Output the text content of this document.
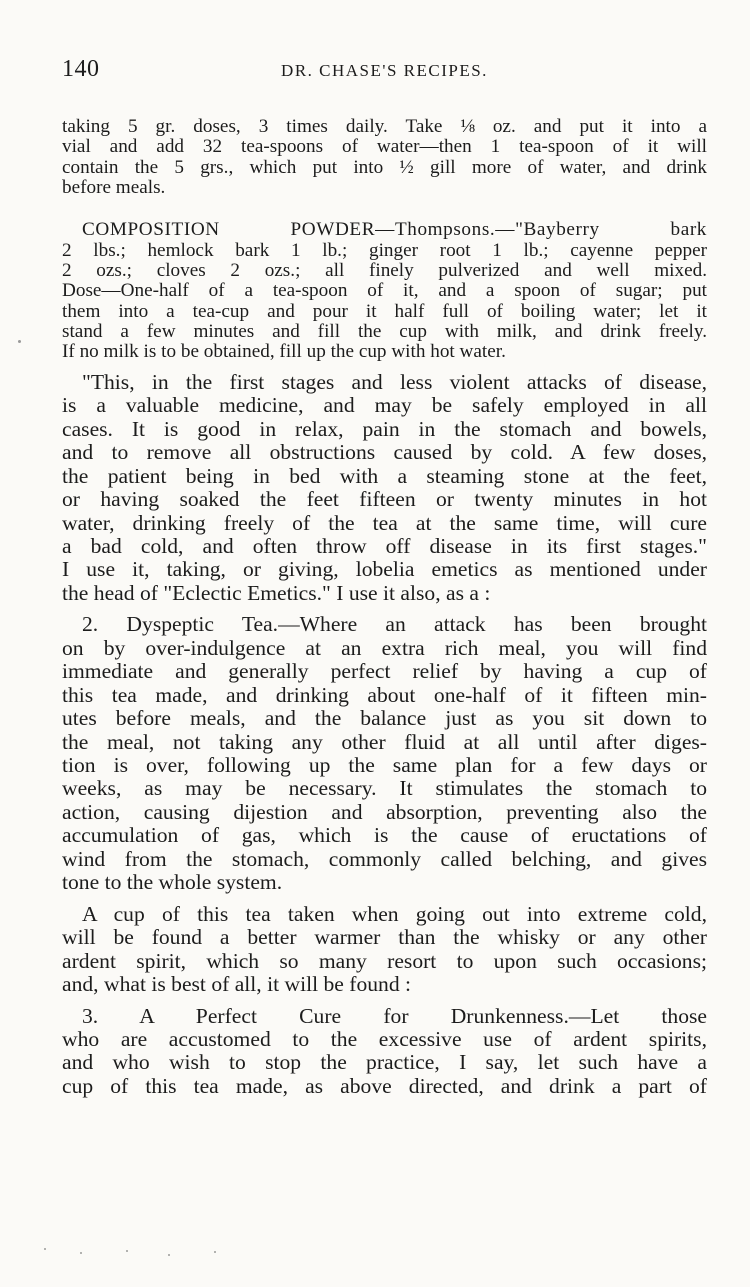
140	DR. CHASE'S RECIPES.
taking 5 gr. doses, 3 times daily. Take ⅛ oz. and put it into a
vial and add 32 tea-spoons of water—then 1 tea-spoon of it will
contain the 5 grs., which put into ½ gill more of water, and drink
before meals.
COMPOSITION POWDER—Thompsons.—"Bayberry bark
2 lbs.; hemlock bark 1 lb.; ginger root 1 lb.; cayenne pepper
2 ozs.; cloves 2 ozs.; all finely pulverized and well mixed.
Dose—One-half of a tea-spoon of it, and a spoon of sugar; put
them into a tea-cup and pour it half full of boiling water; let it
stand a few minutes and fill the cup with milk, and drink freely.
If no milk is to be obtained, fill up the cup with hot water.
"This, in the first stages and less violent attacks of disease,
is a valuable medicine, and may be safely employed in all
cases. It is good in relax, pain in the stomach and bowels,
and to remove all obstructions caused by cold. A few doses,
the patient being in bed with a steaming stone at the feet,
or having soaked the feet fifteen or twenty minutes in hot
water, drinking freely of the tea at the same time, will cure
a bad cold, and often throw off disease in its first stages."
I use it, taking, or giving, lobelia emetics as mentioned under
the head of "Eclectic Emetics." I use it also, as a :
2. Dyspeptic Tea.—Where an attack has been brought
on by over-indulgence at an extra rich meal, you will find
immediate and generally perfect relief by having a cup of
this tea made, and drinking about one-half of it fifteen min-
utes before meals, and the balance just as you sit down to
the meal, not taking any other fluid at all until after diges-
tion is over, following up the same plan for a few days or
weeks, as may be necessary. It stimulates the stomach to
action, causing dijestion and absorption, preventing also the
accumulation of gas, which is the cause of eructations of
wind from the stomach, commonly called belching, and gives
tone to the whole system.
A cup of this tea taken when going out into extreme cold,
will be found a better warmer than the whisky or any other
ardent spirit, which so many resort to upon such occasions;
and, what is best of all, it will be found :
3. A Perfect Cure for Drunkenness.—Let those
who are accustomed to the excessive use of ardent spirits,
and who wish to stop the practice, I say, let such have a
cup of this tea made, as above directed, and drink a part of
